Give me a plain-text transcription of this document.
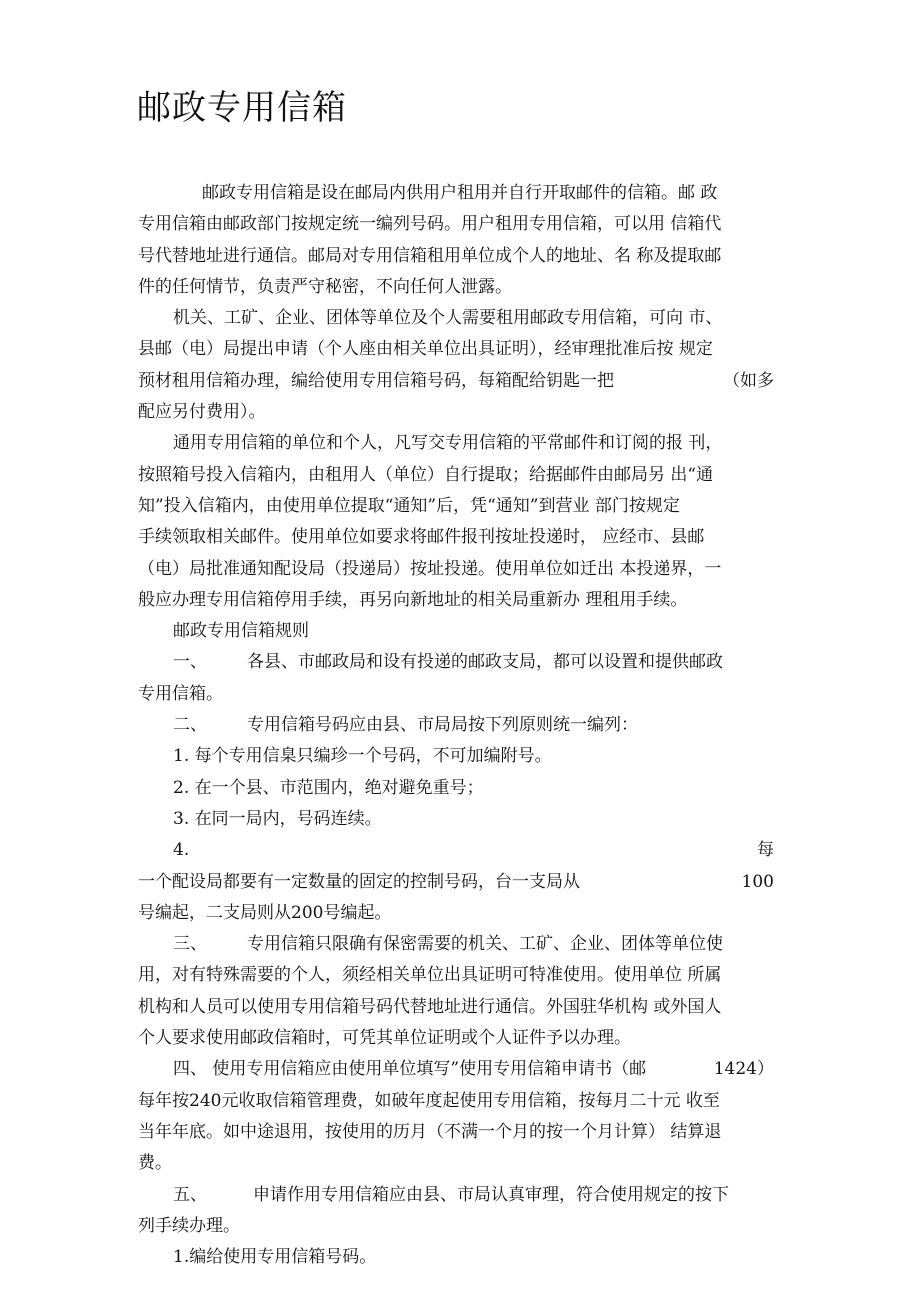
邮政专用信箱
邮政专用信箱是设在邮局内供用户租用并自行开取邮件的信箱。邮 政
专用信箱由邮政部门按规定统一编列号码。用户租用专用信箱，可以用 信箱代
号代替地址进行通信。邮局对专用信箱租用单位成个人的地址、名 称及提取邮
件的任何情节，负责严守秘密，不向任何人泄露。
机关、工矿、企业、团体等单位及个人需要租用邮政专用信箱，可向 市、
县邮（电）局提出申请（个人座由相关单位出具证明），经审理批准后按 规定
预材租用信箱办理，编给使用专用信箱号码，每箱配给钥匙一把	（如多
配应另付费用）。
通用专用信箱的单位和个人，凡写交专用信箱的平常邮件和订阅的报 刊，
按照箱号投入信箱内，由租用人（单位）自行提取；给据邮件由邮局另 出“通
知”投入信箱内，由使用单位提取“通知”后，凭“通知”到营业 部门按规定
手续领取相关邮件。使用单位如要求将邮件报刊按址投递时， 应经市、县邮
（电）局批准通知配设局（投递局）按址投递。使用单位如迁出 本投递界，一
般应办理专用信箱停用手续，再另向新地址的相关局重新办 理租用手续。
邮政专用信箱规则
一、 各县、市邮政局和设有投递的邮政支局，都可以设置和提供邮政
专用信箱。
二、 专用信箱号码应由县、市局局按下列原则统一编列：
1. 每个专用信臬只编珍一个号码，不可加编附号。
2. 在一个县、市范围内，绝对避免重号；
3. 在同一局内，号码连续。
4.	每
一个配设局都要有一定数量的固定的控制号码，台一支局从	100
号编起，二支局则从200号编起。
三、 专用信箱只限确有保密需要的机关、工矿、企业、团体等单位使
用，对有特殊需要的个人，须经相关单位出具证明可特准使用。使用单位 所属
机构和人员可以使用专用信箱号码代替地址进行通信。外国驻华机构 或外国人
个人要求使用邮政信箱时，可凭其单位证明或个人证件予以办理。
四、 使用专用信箱应由使用单位填写”使用专用信箱申请书（邮	1424）
每年按240元收取信箱管理费，如破年度起使用专用信箱，按每月二十元 收至
当年年底。如中途退用，按使用的历月（不满一个月的按一个月计算） 结算退
费。
五、	申请作用专用信箱应由县、市局认真审理，符合使用规定的按下
列手续办理。
1.编给使用专用信箱号码。
